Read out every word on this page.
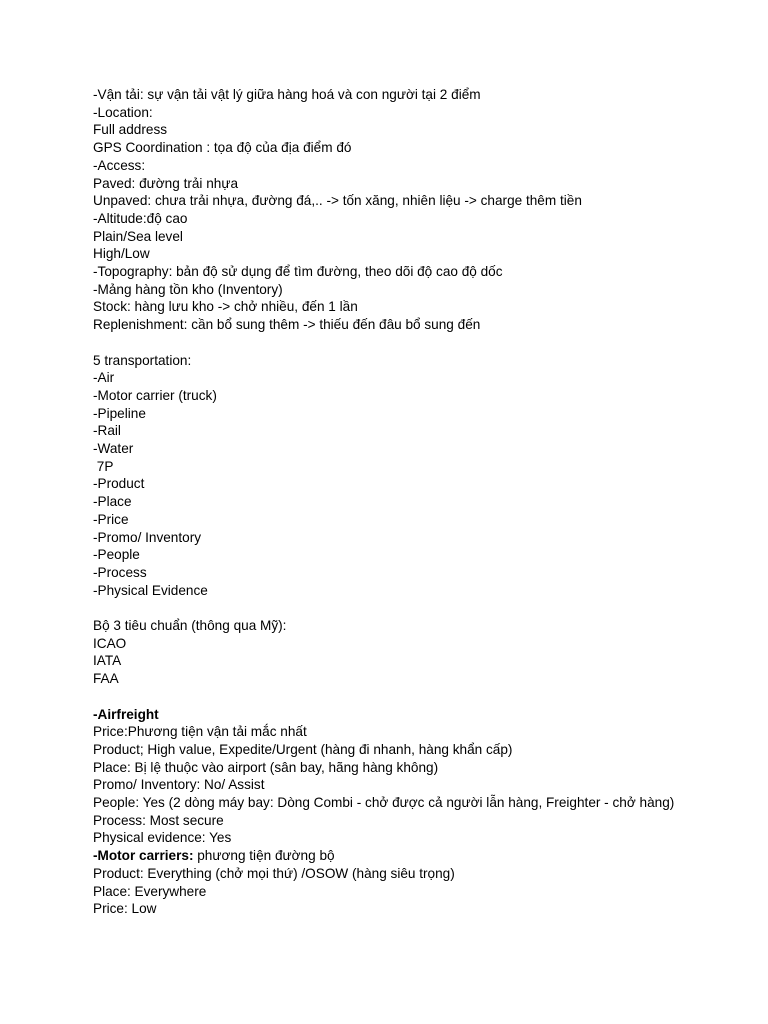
-Vận tải: sự vận tải vật lý giữa hàng hoá và con người tại 2 điểm
-Location:
Full address
GPS Coordination : tọa độ của địa điểm đó
-Access:
Paved: đường trải nhựa
Unpaved: chưa trải nhựa, đường đá,.. -> tốn xăng, nhiên liệu -> charge thêm tiền
-Altitude:độ cao
Plain/Sea level
High/Low
-Topography: bản độ sử dụng để tìm đường, theo dõi độ cao độ dốc
-Mảng hàng tồn kho (Inventory)
Stock: hàng lưu kho -> chở nhiều, đến 1 lần
Replenishment: cần bổ sung thêm -> thiếu đến đâu bổ sung đến
5 transportation:
-Air
-Motor carrier (truck)
-Pipeline
-Rail
-Water
7P
-Product
-Place
-Price
-Promo/ Inventory
-People
-Process
-Physical Evidence
Bộ 3 tiêu chuẩn (thông qua Mỹ):
ICAO
IATA
FAA
-Airfreight
Price:Phương tiện vận tải mắc nhất
Product; High value, Expedite/Urgent (hàng đi nhanh, hàng khẩn cấp)
Place: Bị lệ thuộc vào airport (sân bay, hãng hàng không)
Promo/ Inventory: No/ Assist
People: Yes (2 dòng máy bay: Dòng Combi - chở được cả người lẫn hàng, Freighter - chở hàng)
Process: Most secure
Physical evidence: Yes
-Motor carriers: phương tiện đường bộ
Product: Everything (chở mọi thứ) /OSOW (hàng siêu trọng)
Place: Everywhere
Price: Low
